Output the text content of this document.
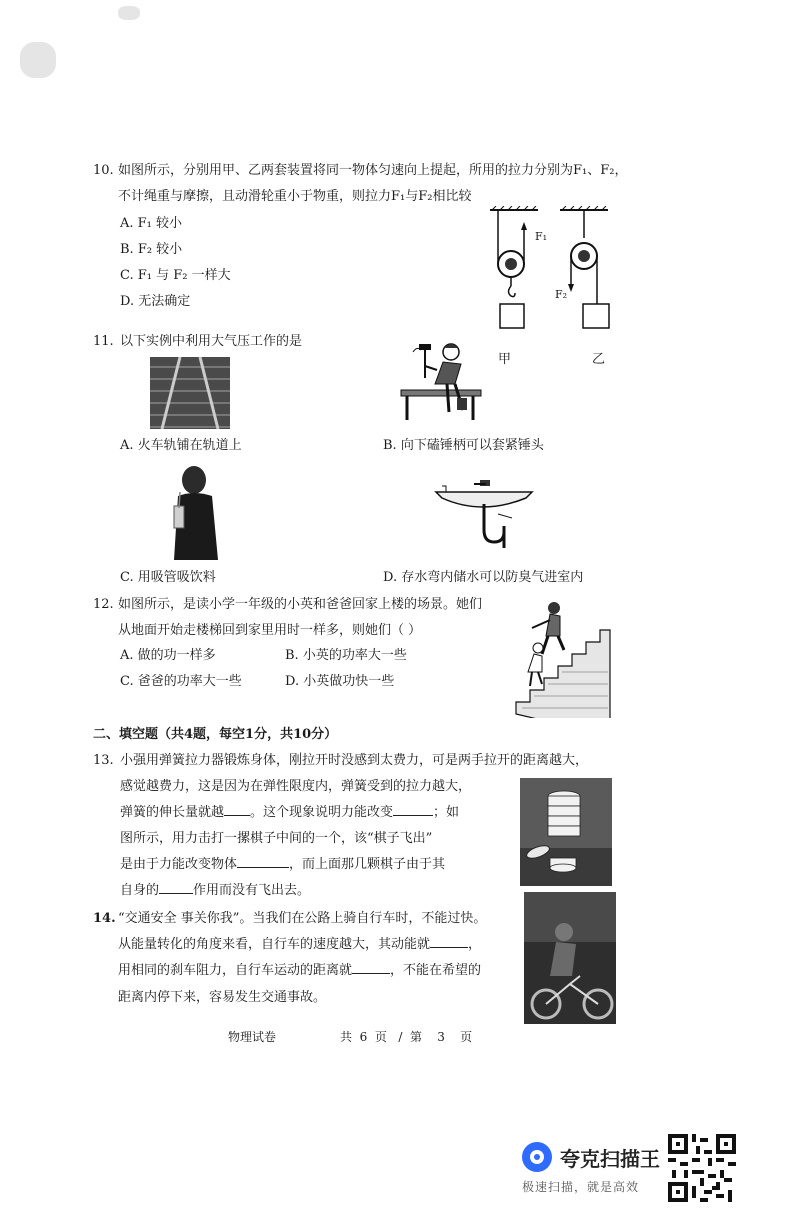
10. 如图所示，分别用甲、乙两套装置将同一物体匀速向上提起，所用的拉力分别为F₁、F₂，
不计绳重与摩擦，且动滑轮重小于物重，则拉力F₁与F₂相比较
A. F₁ 较小
B. F₂ 较小
C. F₁ 与 F₂ 一样大
D. 无法确定
F₁
F₂
甲	乙
11. 以下实例中利用大气压工作的是
A. 火车轨铺在轨道上	B. 向下磕锤柄可以套紧锤头
C. 用吸管吸饮料	D. 存水弯内储水可以防臭气进室内
12. 如图所示，是读小学一年级的小英和爸爸回家上楼的场景。她们
从地面开始走楼梯回到家里用时一样多，则她们（ ）
A. 做的功一样多	B. 小英的功率大一些
C. 爸爸的功率大一些	D. 小英做功快一些
二、填空题（共4题，每空1分，共10分）
13. 小强用弹簧拉力器锻炼身体，刚拉开时没感到太费力，可是两手拉开的距离越大，
感觉越费力，这是因为在弹性限度内，弹簧受到的拉力越大，
弹簧的伸长量就越 。这个现象说明力能改变	；如
图所示，用力击打一摞棋子中间的一个，该“棋子飞出”
是由于力能改变物体	，而上面那几颗棋子由于其
自身的	作用而没有飞出去。
14. “交通安全 事关你我”。当我们在公路上骑自行车时，不能过快。
从能量转化的角度来看，自行车的速度越大，其动能就	，
用相同的刹车阻力，自行车运动的距离就	，不能在希望的
距离内停下来，容易发生交通事故。
物理试卷	共  6  页   /  第    3    页
夸克扫描王
极速扫描，就是高效
